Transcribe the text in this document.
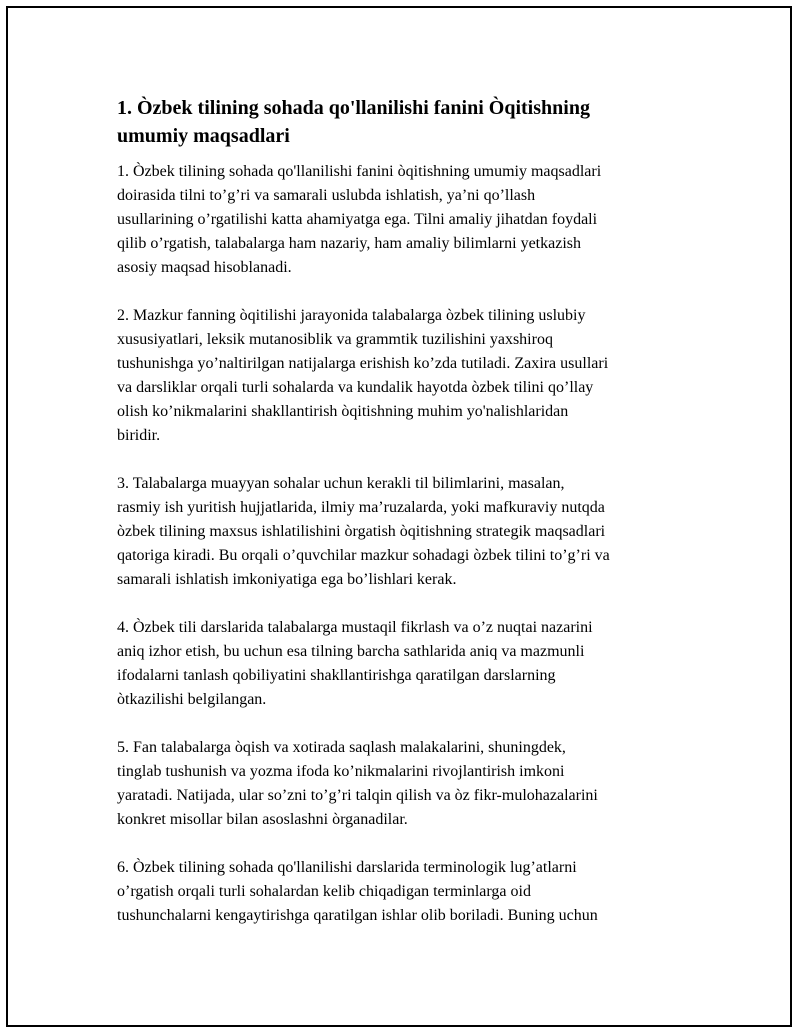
1. Òzbek tilining sohada qo'llanilishi fanini Òqitishning
umumiy maqsadlari

1. Òzbek tilining sohada qo'llanilishi fanini òqitishning umumiy maqsadlari
doirasida tilni to’g’ri va samarali uslubda ishlatish, ya’ni qo’llash
usullarining o’rgatilishi katta ahamiyatga ega. Tilni amaliy jihatdan foydali
qilib o’rgatish, talabalarga ham nazariy, ham amaliy bilimlarni yetkazish
asosiy maqsad hisoblanadi.

2. Mazkur fanning òqitilishi jarayonida talabalarga òzbek tilining uslubiy
xususiyatlari, leksik mutanosiblik va grammtik tuzilishini yaxshiroq
tushunishga yo’naltirilgan natijalarga erishish ko’zda tutiladi. Zaxira usullari
va darsliklar orqali turli sohalarda va kundalik hayotda òzbek tilini qo’llay
olish ko’nikmalarini shakllantirish òqitishning muhim yo'nalishlaridan
biridir.

3. Talabalarga muayyan sohalar uchun kerakli til bilimlarini, masalan,
rasmiy ish yuritish hujjatlarida, ilmiy ma’ruzalarda, yoki mafkuraviy nutqda
òzbek tilining maxsus ishlatilishini òrgatish òqitishning strategik maqsadlari
qatoriga kiradi. Bu orqali o’quvchilar mazkur sohadagi òzbek tilini to’g’ri va
samarali ishlatish imkoniyatiga ega bo’lishlari kerak.

4. Òzbek tili darslarida talabalarga mustaqil fikrlash va o’z nuqtai nazarini
aniq izhor etish, bu uchun esa tilning barcha sathlarida aniq va mazmunli
ifodalarni tanlash qobiliyatini shakllantirishga qaratilgan darslarning
òtkazilishi belgilangan.

5. Fan talabalarga òqish va xotirada saqlash malakalarini, shuningdek,
tinglab tushunish va yozma ifoda ko’nikmalarini rivojlantirish imkoni
yaratadi. Natijada, ular so’zni to’g’ri talqin qilish va òz fikr-mulohazalarini
konkret misollar bilan asoslashni òrganadilar.

6. Òzbek tilining sohada qo'llanilishi darslarida terminologik lug’atlarni
o’rgatish orqali turli sohalardan kelib chiqadigan terminlarga oid
tushunchalarni kengaytirishga qaratilgan ishlar olib boriladi. Buning uchun
